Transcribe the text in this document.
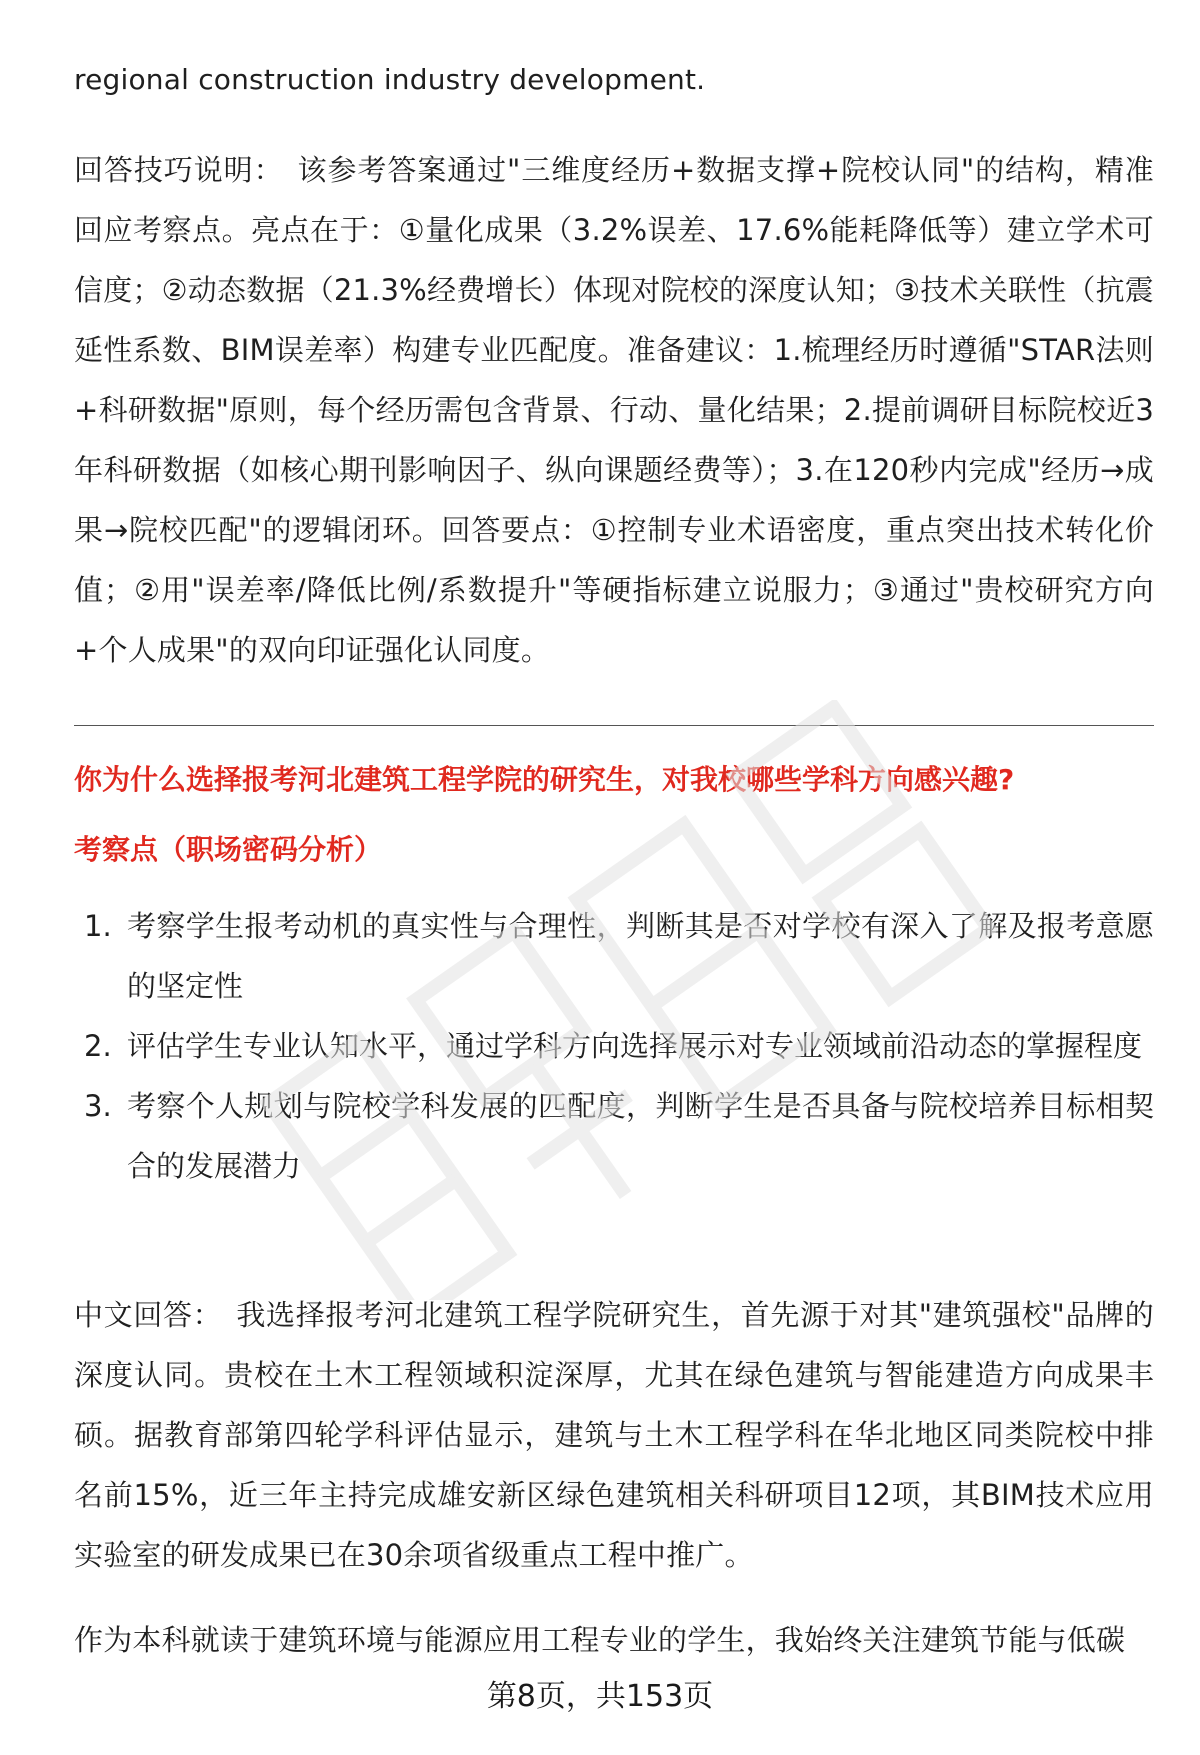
regional construction industry development.

回答技巧说明： 该参考答案通过"三维度经历+数据支撑+院校认同"的结构，精准回应考察点。亮点在于：①量化成果（3.2%误差、17.6%能耗降低等）建立学术可信度；②动态数据（21.3%经费增长）体现对院校的深度认知；③技术关联性（抗震延性系数、BIM误差率）构建专业匹配度。准备建议：1.梳理经历时遵循"STAR法则+科研数据"原则，每个经历需包含背景、行动、量化结果；2.提前调研目标院校近3年科研数据（如核心期刊影响因子、纵向课题经费等）；3.在120秒内完成"经历→成果→院校匹配"的逻辑闭环。回答要点：①控制专业术语密度，重点突出技术转化价值；②用"误差率/降低比例/系数提升"等硬指标建立说服力；③通过"贵校研究方向+个人成果"的双向印证强化认同度。

你为什么选择报考河北建筑工程学院的研究生，对我校哪些学科方向感兴趣?
考察点（职场密码分析）
1. 考察学生报考动机的真实性与合理性，判断其是否对学校有深入了解及报考意愿的坚定性
2. 评估学生专业认知水平，通过学科方向选择展示对专业领域前沿动态的掌握程度
3. 考察个人规划与院校学科发展的匹配度，判断学生是否具备与院校培养目标相契合的发展潜力

中文回答： 我选择报考河北建筑工程学院研究生，首先源于对其"建筑强校"品牌的深度认同。贵校在土木工程领域积淀深厚，尤其在绿色建筑与智能建造方向成果丰硕。据教育部第四轮学科评估显示，建筑与土木工程学科在华北地区同类院校中排名前15%，近三年主持完成雄安新区绿色建筑相关科研项目12项，其BIM技术应用实验室的研发成果已在30余项省级重点工程中推广。

作为本科就读于建筑环境与能源应用工程专业的学生，我始终关注建筑节能与低碳

第8页，共153页
